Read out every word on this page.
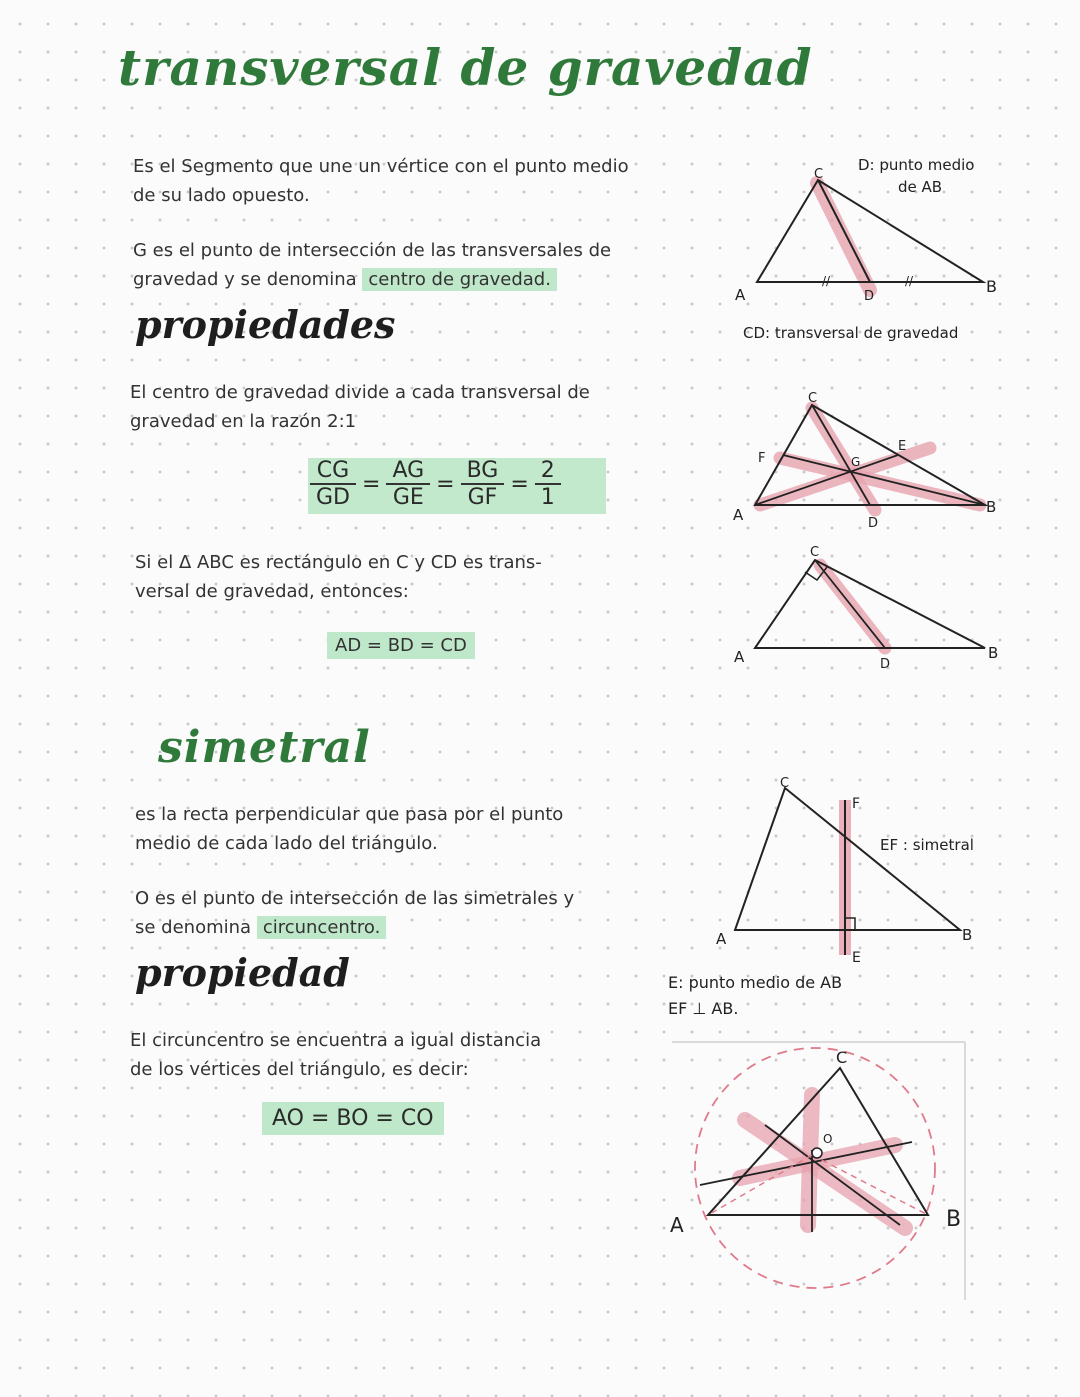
transversal de gravedad
Es el Segmento que une un vértice con el punto medio
de su lado opuesto.
G es el punto de intersección de las transversales de
gravedad y se denomina centro de gravedad.
propiedades
El centro de gravedad divide a cada transversal de
gravedad en la razón 2:1
$\frac{CG}{GD} = \frac{AG}{GE} = \frac{BG}{GF} = \frac{2}{1}$
Si el Δ ABC es rectángulo en C y CD es trans-
versal de gravedad, entonces:
AD = BD = CD
simetral
es la recta perpendicular que pasa por el punto
medio de cada lado del triángulo.
O es el punto de intersección de las simetrales y
se denomina circuncentro.
propiedad
El circuncentro se encuentra a igual distancia
de los vértices del triángulo, es decir:
AO = BO = CO
//	//
C
A	B
D
D: punto medio
de AB
CD: transversal de gravedad
C
A	B
D
E
F	G
C
A	B
D
C
A	B
E
F
EF : simetral
E: punto medio de AB
EF ⊥ AB.
C
A	B
O
